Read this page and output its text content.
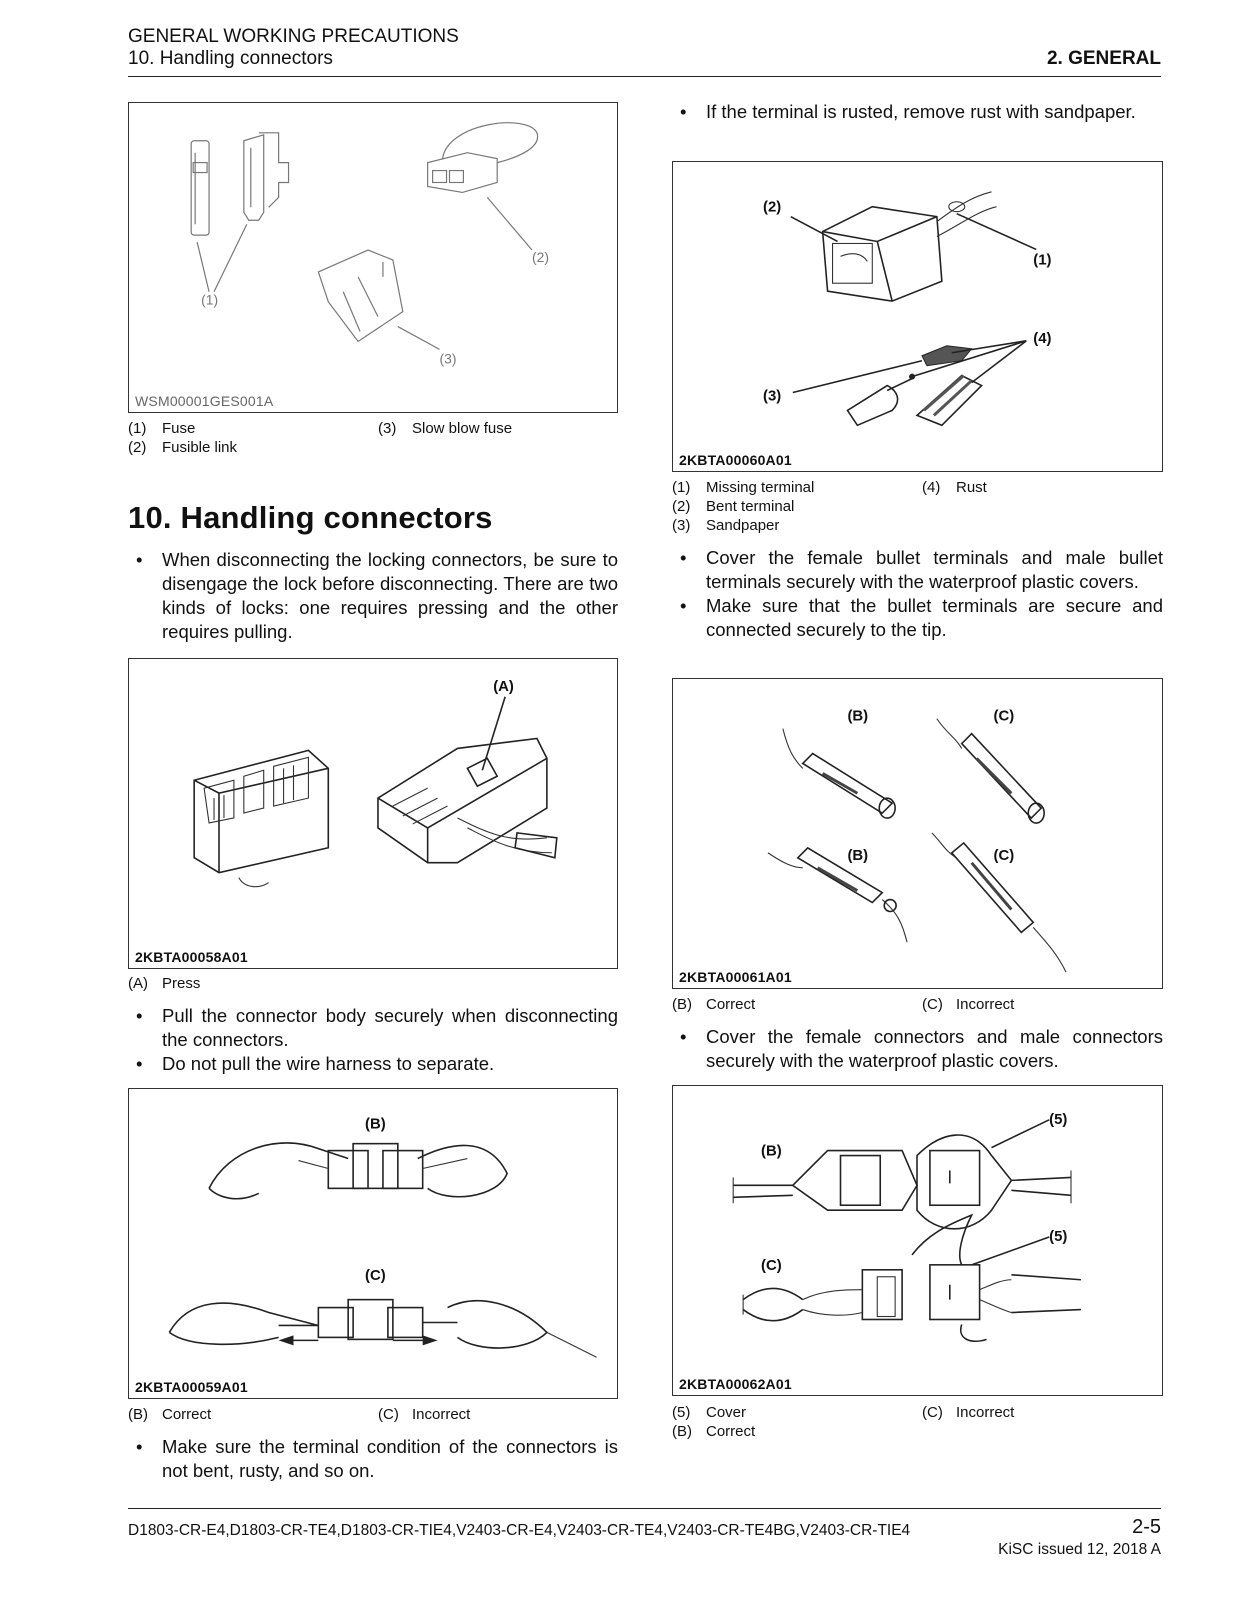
GENERAL WORKING PRECAUTIONS
10. Handling connectors	2. GENERAL
(1)
(2)
(3)
WSM00001GES001A
(1) Fuse
(2) Fusible link
(3) Slow blow fuse
10. Handling connectors
• When disconnecting the locking connectors, be sure to disengage the lock before disconnecting. There are two kinds of locks: one requires pressing and the other requires pulling.
(A)
2KBTA00058A01
(A) Press
• Pull the connector body securely when disconnecting the connectors.
• Do not pull the wire harness to separate.
(B)
(C)
2KBTA00059A01
(B) Correct	(C) Incorrect
• Make sure the terminal condition of the connectors is not bent, rusty, and so on.
• If the terminal is rusted, remove rust with sandpaper.
(1)
(2)
(3)
(4)
2KBTA00060A01
(1) Missing terminal
(2) Bent terminal
(3) Sandpaper
(4) Rust
• Cover the female bullet terminals and male bullet terminals securely with the waterproof plastic covers.
• Make sure that the bullet terminals are secure and connected securely to the tip.
(B)	(C)
(B)	(C)
2KBTA00061A01
(B) Correct	(C) Incorrect
• Cover the female connectors and male connectors securely with the waterproof plastic covers.
(B)
(5)
(C)
(5)
2KBTA00062A01
(5) Cover
(B) Correct
(C) Incorrect
D1803-CR-E4,D1803-CR-TE4,D1803-CR-TIE4,V2403-CR-E4,V2403-CR-TE4,V2403-CR-TE4BG,V2403-CR-TIE4	2-5
KiSC issued 12, 2018 A
